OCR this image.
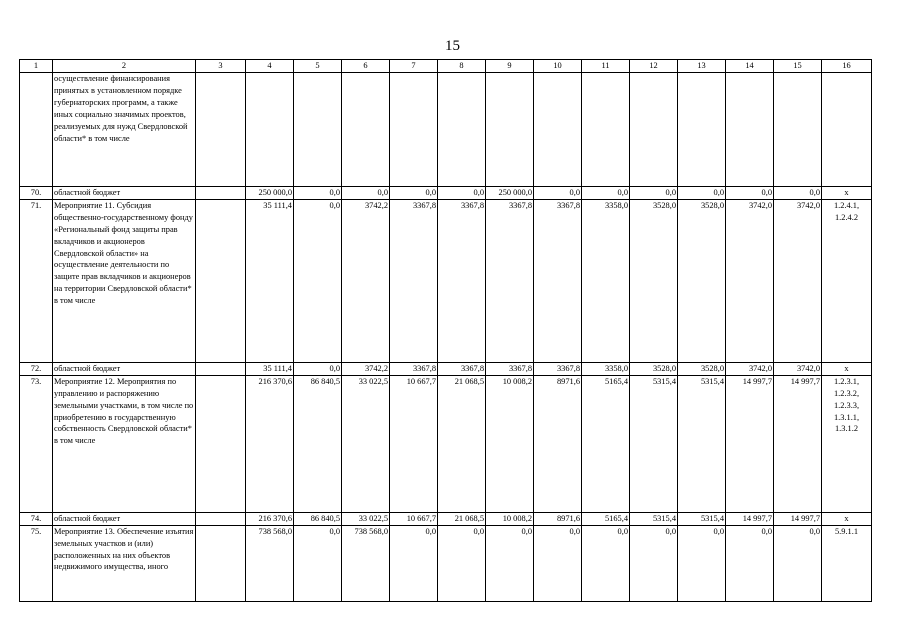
15
1	2	3	4	5	6	7	8	9	10	11	12	13	14	15	16
	осуществление финансирования принятых в установленном порядке губернаторских программ, а также иных социально значимых проектов, реализуемых для нужд Свердловской области* в том числе														
70.	областной бюджет		250 000,0	0,0	0,0	0,0	0,0	250 000,0	0,0	0,0	0,0	0,0	0,0	0,0	х
71.	Мероприятие 11. Субсидия общественно-государственному фонду «Региональный фонд защиты прав вкладчиков и акционеров Свердловской области» на осуществление деятельности по защите прав вкладчиков и акционеров на территории Свердловской области* в том числе		35 111,4	0,0	3742,2	3367,8	3367,8	3367,8	3367,8	3358,0	3528,0	3528,0	3742,0	3742,0	1.2.4.1, 1.2.4.2
72.	областной бюджет		35 111,4	0,0	3742,2	3367,8	3367,8	3367,8	3367,8	3358,0	3528,0	3528,0	3742,0	3742,0	х
73.	Мероприятие 12. Мероприятия по управлению и распоряжению земельными участками, в том числе по приобретению в государственную собственность Свердловской области* в том числе		216 370,6	86 840,5	33 022,5	10 667,7	21 068,5	10 008,2	8971,6	5165,4	5315,4	5315,4	14 997,7	14 997,7	1.2.3.1, 1.2.3.2, 1.2.3.3, 1.3.1.1, 1.3.1.2
74.	областной бюджет		216 370,6	86 840,5	33 022,5	10 667,7	21 068,5	10 008,2	8971,6	5165,4	5315,4	5315,4	14 997,7	14 997,7	х
75.	Мероприятие 13. Обеспечение изъятия земельных участков и (или) расположенных на них объектов недвижимого имущества, иного		738 568,0	0,0	738 568,0	0,0	0,0	0,0	0,0	0,0	0,0	0,0	0,0	0,0	5.9.1.1
